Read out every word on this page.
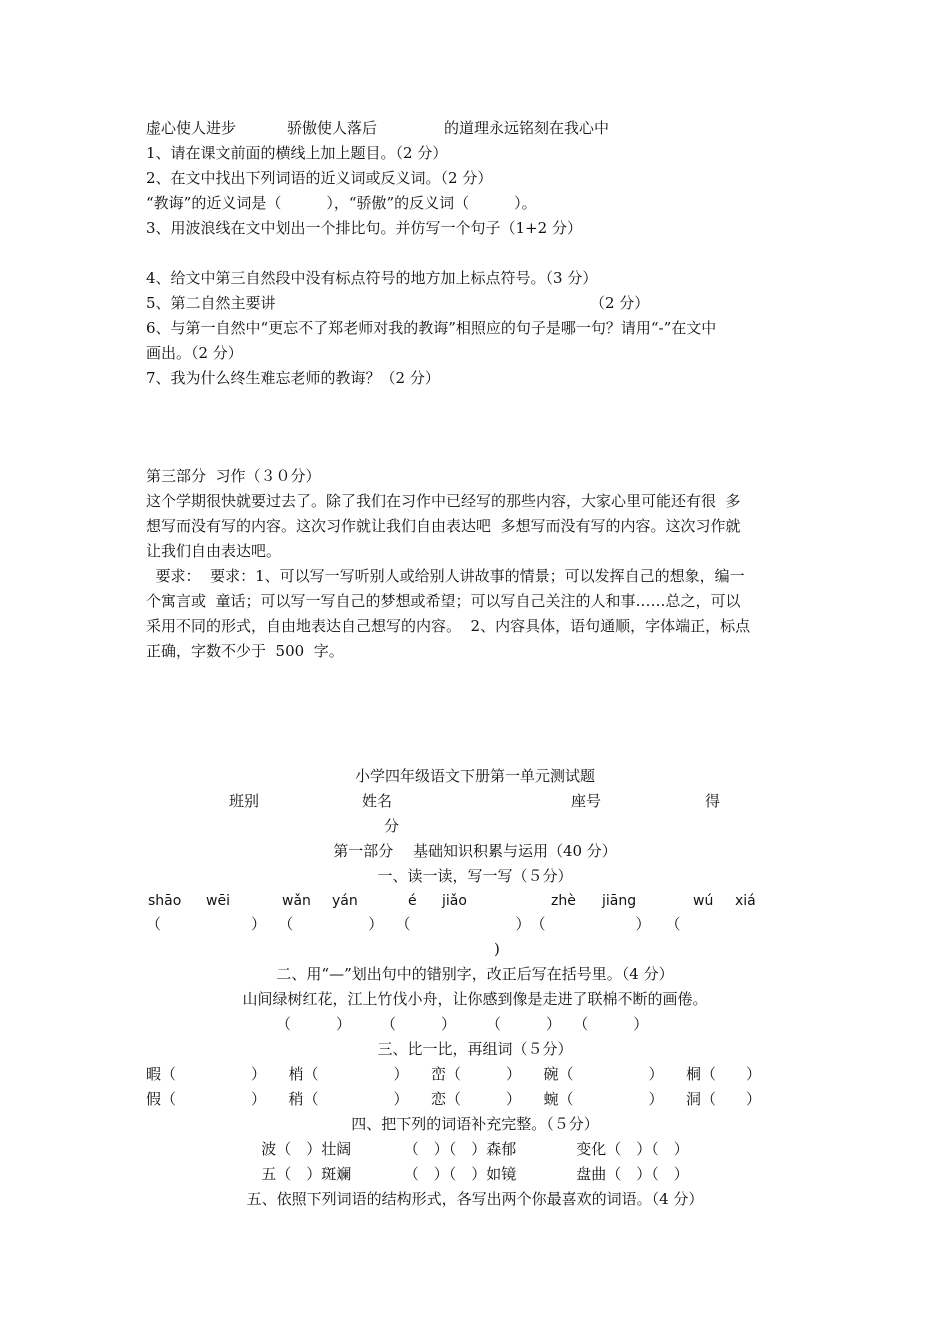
虚心使人进步	骄傲使人落后	的道理永远铭刻在我心中
1、请在课文前面的横线上加上题目。（2 分）
2、在文中找出下列词语的近义词或反义词。（2 分）
“教诲”的近义词是（　　　），“骄傲”的反义词（　　　）。
3、用波浪线在文中划出一个排比句。并仿写一个句子（1+2 分）
4、给文中第三自然段中没有标点符号的地方加上标点符号。（3 分）
5、第二自然主要讲	（2 分）
6、与第一自然中“更忘不了郑老师对我的教诲”相照应的句子是哪一句？请用“-”在文中
画出。（2 分）
7、我为什么终生难忘老师的教诲？（2 分）
第三部分  习作（３０分）
这个学期很快就要过去了。除了我们在习作中已经写的那些内容，大家心里可能还有很  多
想写而没有写的内容。这次习作就让我们自由表达吧  多想写而没有写的内容。这次习作就
让我们自由表达吧。
要求：  要求：1、可以写一写听别人或给别人讲故事的情景；可以发挥自己的想象，编一
个寓言或  童话；可以写一写自己的梦想或希望；可以写自己关注的人和事……总之，可以
采用不同的形式，自由地表达自己想写的内容。  2、内容具体，语句通顺，字体端正，标点
正确，字数不少于  500  字。
小学四年级语文下册第一单元测试题
班别	姓名	座号	得
分
第一部分　 基础知识积累与运用（40 分）
一、读一读，写一写（５分）
shāo wēi	wǎn yán	é jiǎo	zhè jiāng	wú xiá
（　　　　　　）　 （　　　　　）　 （　　　　　　　）　（　　　　　　）　　（
)
二、用“—”划出句中的错别字，改正后写在括号里。（4 分）
山间绿树红花，江上竹伐小舟，让你感到像是走进了联棉不断的画倦。
（　　　）　　　（　　　）　　　（　　　）　 （　　　）
三、比一比，再组词（５分）
暇（　　　　　）　　梢（　　　　　）　　峦（　　　）　　碗（　　　　　）　　桐（　　）
假（　　　　　）　　稍（　　　　　）　　恋（　　　）　　蜿（　　　　　）　　洞（　　）
四、把下列的词语补充完整。（５分）
波（　）壮阔　　　　（　）（　）森郁　　　　变化（　）（　）
五（　）斑斓　　　　（　）（　）如镜　　　　盘曲（　）（　）
五、依照下列词语的结构形式，各写出两个你最喜欢的词语。（4 分）
